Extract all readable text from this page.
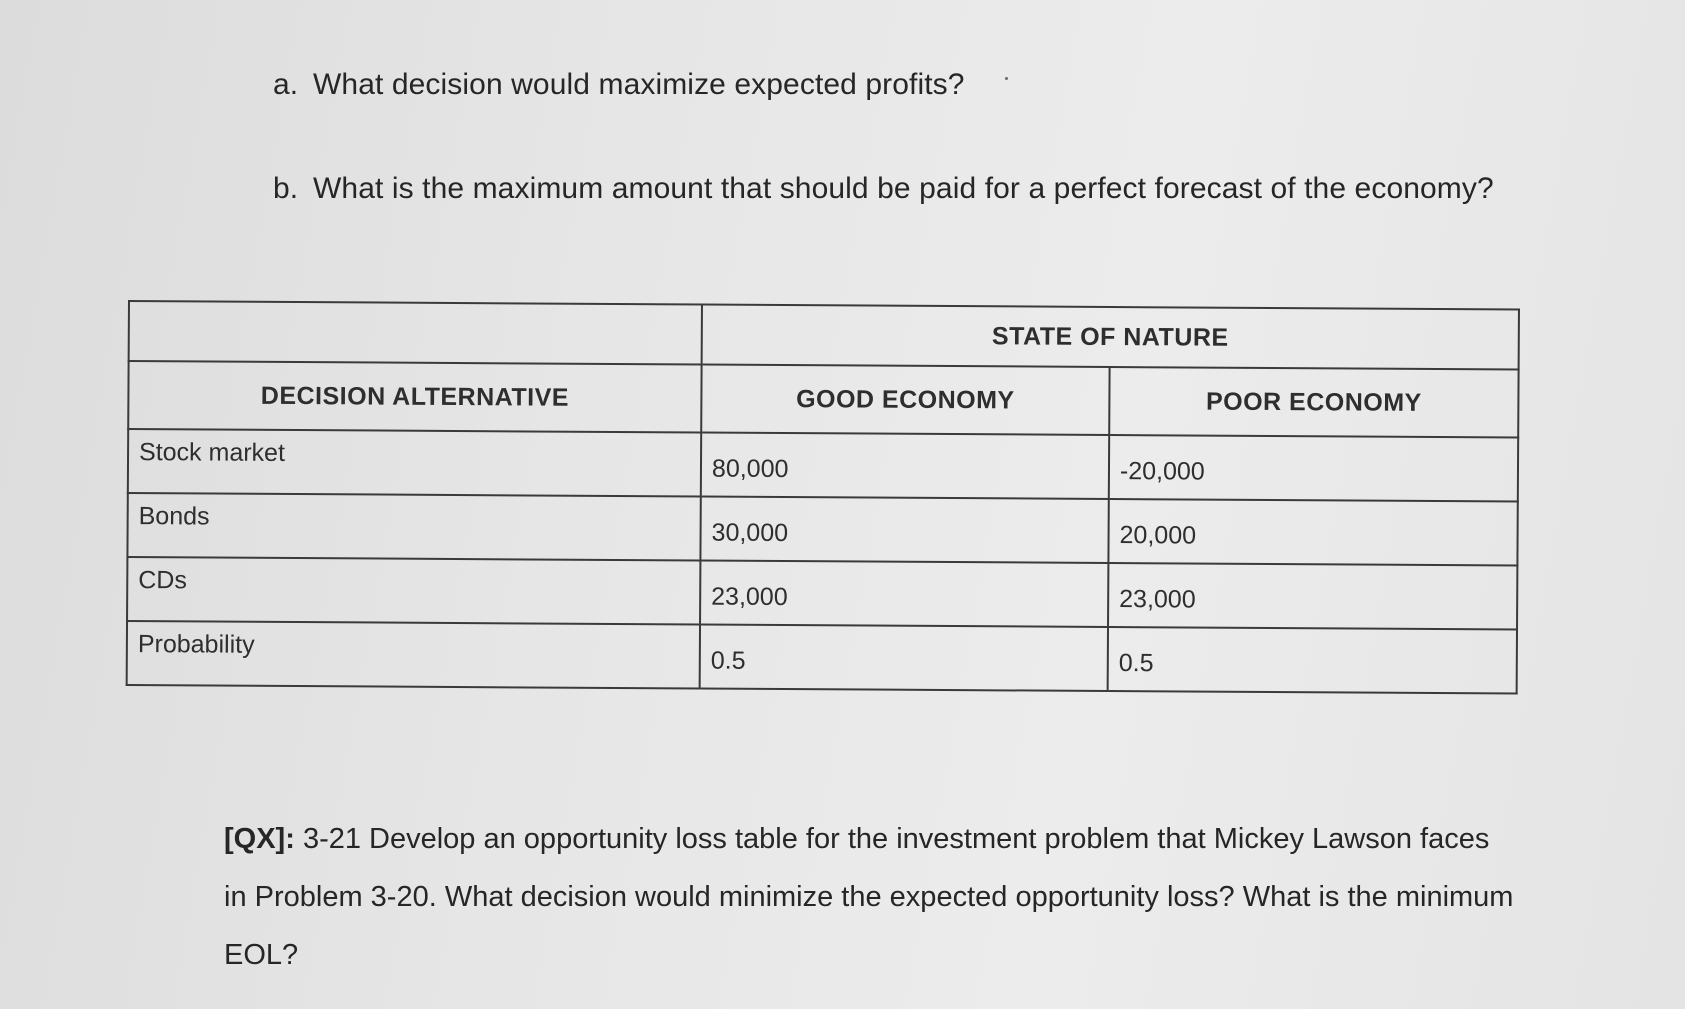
a. What decision would maximize expected profits?
b. What is the maximum amount that should be paid for a perfect forecast of the economy?
	STATE OF NATURE	
DECISION ALTERNATIVE	GOOD ECONOMY	POOR ECONOMY
Stock market	80,000	-20,000
Bonds	30,000	20,000
CDs	23,000	23,000
Probability	0.5	0.5
[QX]: 3-21 Develop an opportunity loss table for the investment problem that Mickey Lawson faces in Problem 3-20. What decision would minimize the expected opportunity loss? What is the minimum EOL?
